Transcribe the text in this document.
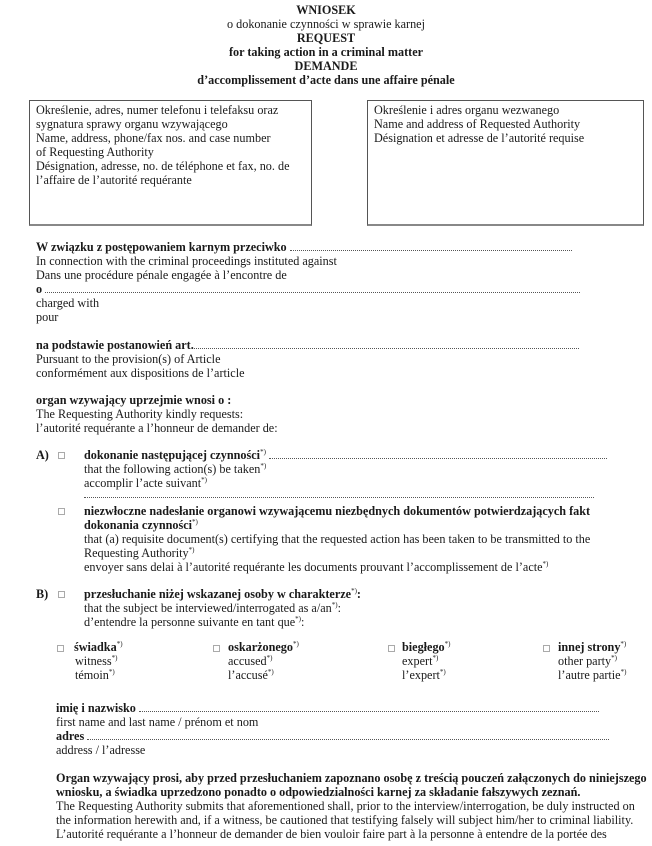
WNIOSEK
o dokonanie czynności w sprawie karnej
REQUEST
for taking action in a criminal matter
DEMANDE
d’accomplissement d’acte dans une affaire pénale
Określenie, adres, numer telefonu i telefaksu oraz
sygnatura sprawy organu wzywającego
Name, address, phone/fax nos. and case number
of Requesting Authority
Désignation, adresse, no. de téléphone et fax, no. de
l’affaire de l’autorité requérante
Określenie i adres organu wezwanego
Name and address of Requested Authority
Désignation et adresse de l’autorité requise
W związku z postępowaniem karnym przeciwko
In connection with the criminal proceedings instituted against
Dans une procédure pénale engagée à l’encontre de
o
charged with
pour
na podstawie postanowień art.
Pursuant to the provision(s) of Article
conformément aux dispositions de l’article
organ wzywający uprzejmie wnosi o :
The Requesting Authority kindly requests:
l’autorité requérante a l’honneur de demander de:
A)	dokonanie następującej czynności*)
that the following action(s) be taken*)
accomplir l’acte suivant*)
niezwłoczne nadesłanie organowi wzywającemu niezbędnych dokumentów potwierdzających fakt
dokonania czynności*)
that (a) requisite document(s) certifying that the requested action has been taken to be transmitted to the
Requesting Authority*)
envoyer sans delai à l’autorité requérante les documents prouvant l’accomplissement de l’acte*)
B)	przesłuchanie niżej wskazanej osoby w charakterze*):
that the subject be interviewed/interrogated as a/an*):
d’entendre la personne suivante en tant que*):
świadka*)
witness*)
témoin*)
oskarżonego*)
accused*)
l’accusé*)
biegłego*)
expert*)
l’expert*)
innej strony*)
other party*)
l’autre partie*)
imię i nazwisko
first name and last name / prénom et nom
adres
address / l’adresse
Organ wzywający prosi, aby przed przesłuchaniem zapoznano osobę z treścią pouczeń załączonych do niniejszego
wniosku, a świadka uprzedzono ponadto o odpowiedzialności karnej za składanie fałszywych zeznań.
The Requesting Authority submits that aforementioned shall, prior to the interview/interrogation, be duly instructed on
the information herewith and, if a witness, be cautioned that testifying falsely will subject him/her to criminal liability.
L’autorité requérante a l’honneur de demander de bien vouloir faire part à la personne à entendre de la portée des
